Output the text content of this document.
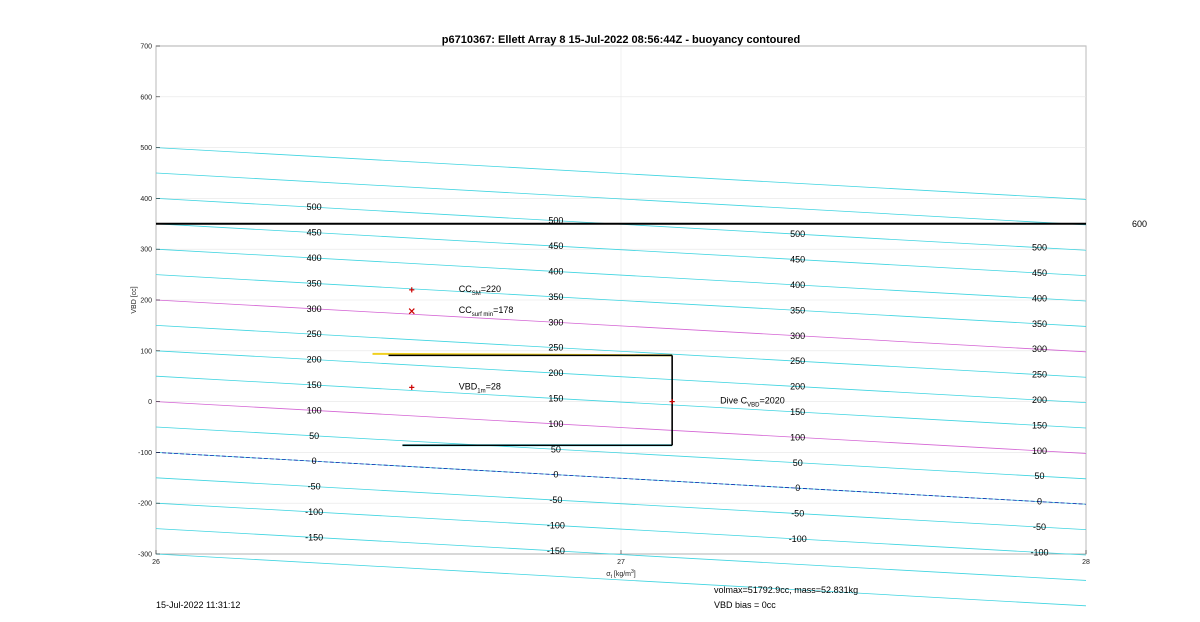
p6710367: Ellett Array 8 15-Jul-2022 08:56:44Z - buoyancy contoured
500
450
400
350
300
250
200
150
100
50
0
-50
-100
-150
500
450
400
350
300
250
200
150
100
50
0
-50
-100
-150
500
450
400
350
300
250
200
150
100
50
0
-50
-100
500
450
400
350
300
250
200
150
100
50
0
-50
-100
600
$CC_{SM}=220$
$CC_{surf min}=178$
$VBD_{1m}=28$
Dive $C_{VBD}=2020$
-300
-200
-100
0
100
200
300
400
500
600
700
26	27	28
VBD [cc]
$\sigma_t$ $[kg/m^3]$
15-Jul-2022 11:31:12
volmax=51792.9cc, mass=52.831kg
VBD bias = 0cc
